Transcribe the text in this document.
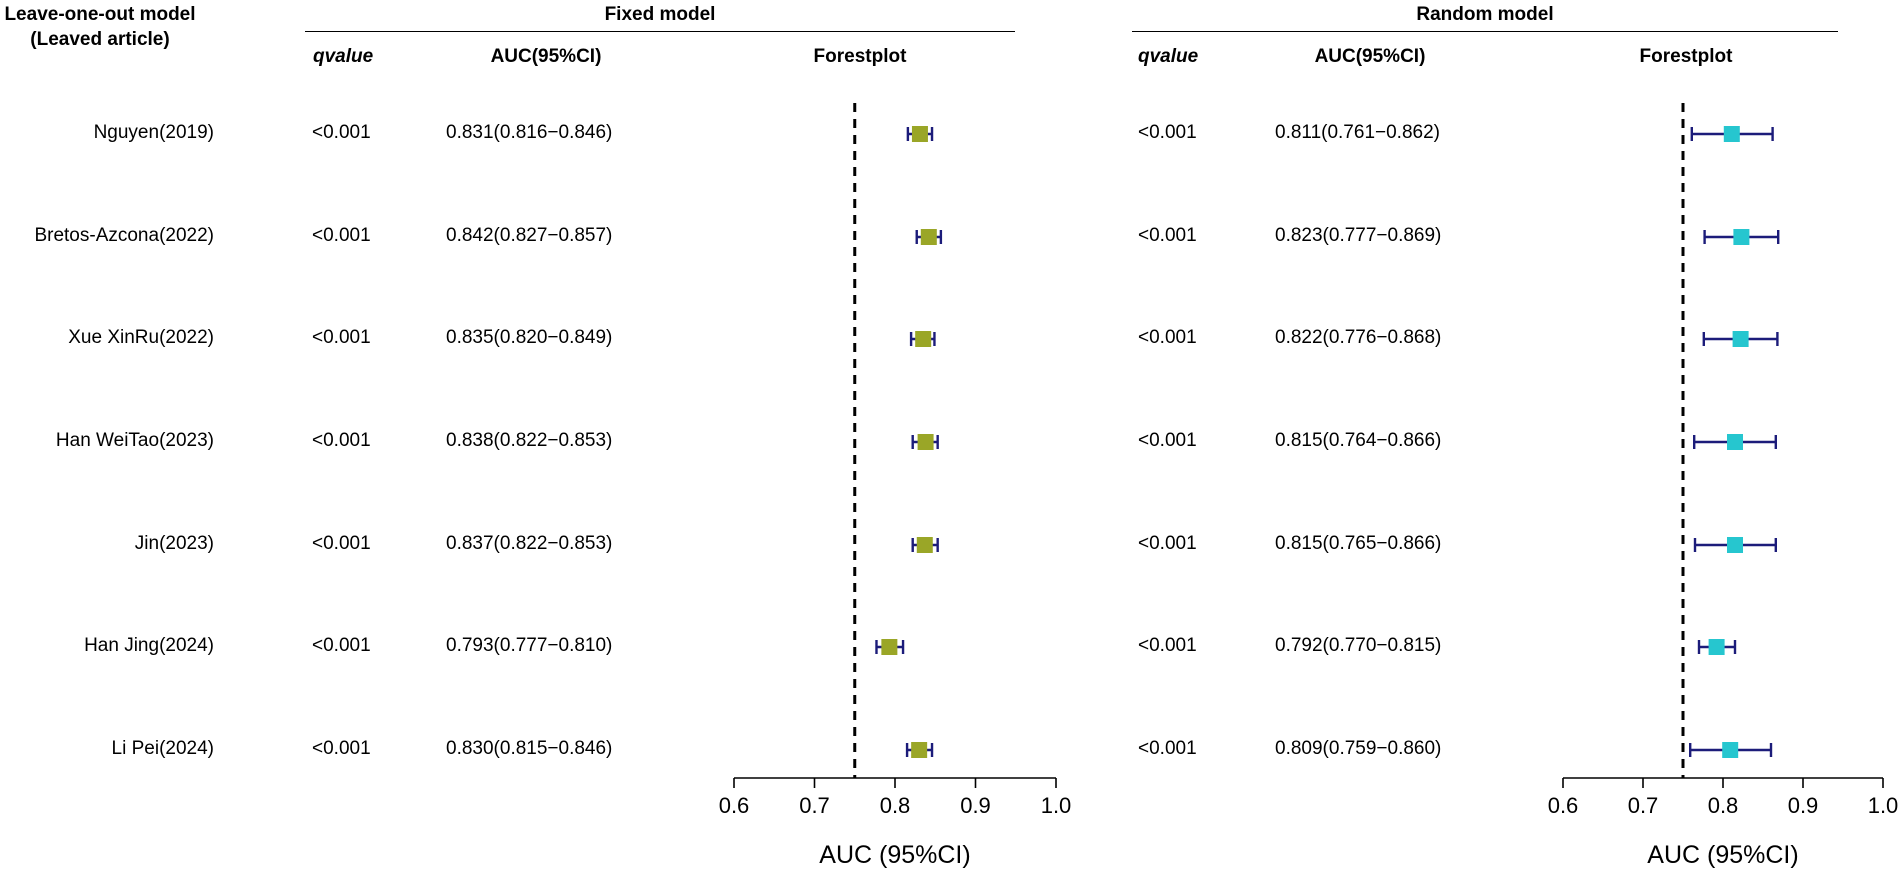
Leave-one-out model
(Leaved article)
Fixed model	Random model
qvalue	AUC(95%CI)	Forestplot	qvalue	AUC(95%CI)	Forestplot
Nguyen(2019)	<0.001	0.831(0.816−0.846)	<0.001	0.811(0.761−0.862)
Bretos-Azcona(2022)	<0.001	0.842(0.827−0.857)	<0.001	0.823(0.777−0.869)
Xue XinRu(2022)	<0.001	0.835(0.820−0.849)	<0.001	0.822(0.776−0.868)
Han WeiTao(2023)	<0.001	0.838(0.822−0.853)	<0.001	0.815(0.764−0.866)
Jin(2023)	<0.001	0.837(0.822−0.853)	<0.001	0.815(0.765−0.866)
Han Jing(2024)	<0.001	0.793(0.777−0.810)	<0.001	0.792(0.770−0.815)
Li Pei(2024)	<0.001	0.830(0.815−0.846)	<0.001	0.809(0.759−0.860)
0.6 0.7 0.8 0.9 1.0
AUC (95%CI)
0.6 0.7 0.8 0.9 1.0
AUC (95%CI)
